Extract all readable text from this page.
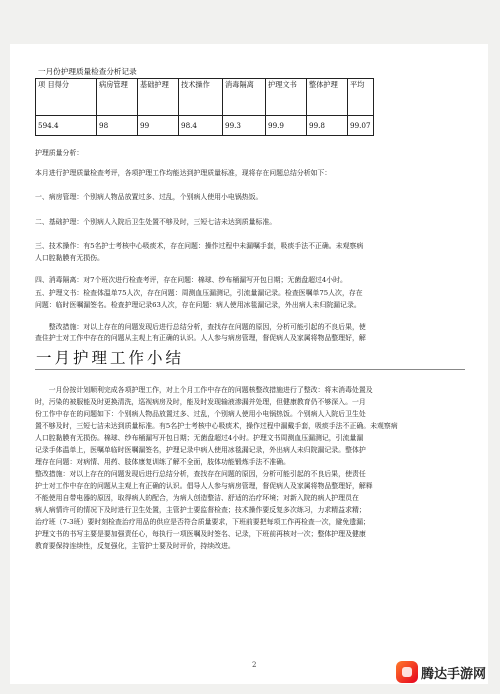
一月份护理质量检查分析记录
项 目得分	病房管理	基础护理	技术操作	消毒隔离	护理文书	整体护理	平均
594.4	98	99	98.4	99.3	99.9	99.8	99.07
护理质量分析：
本月进行护理质量检查考评，各项护理工作均能达到护理质量标准，现将存在问题总结分析如下：
一、病房管理：个别病人物品放置过多、过乱，个别病人使用小电锅热饭。
二、基础护理：个别病人入院后卫生处置不够及时，三短七洁未达到质量标准。
三、技术操作：有5名护士考核中心吸痰术，存在问题：操作过程中未漏嘱手套，吸痰手法不正确。未观察病
人口腔黏膜有无损伤。
四、消毒隔离：对7个班次进行检查考评，存在问题：棉球、纱布桶漏写开包日期；无菌盘超过4小时。
五、护理文书：检查体温单75人次，存在问题：周测血压漏测记，引流量漏记录。检查医嘱单75人次，存在
问题：临时医嘱漏签名。检查护理记录63人次，存在问题：病人使用冰毯漏记录，外出病人未归院漏记录。
　　整改措施：对以上存在的问题发现后进行总结分析，查找存在问题的原因，分析可能引起的不良后果，使
查住护士对工作中存在的问题从主观上有正确的认识。人人参与病房管理，督促病人及家属将物品整理好，解
一月护理工作小结
　　一月份按计划顺利完成各项护理工作，对上个月工作中存在的问题核整改措施进行了整改：将末消毒处置及
时，污染的被服能及时更换清洗，巡视病房及时，能及时发现输液渗漏并处理，但健康教育仍不够深入。一月
份工作中存在的问题如下：个别病人物品放置过多、过乱，个别病人使用小电锅热饭。个别病人入院后卫生处
置不够及时，三短七洁未达到质量标准。有5名护士考核中心吸痰术，操作过程中漏戴手套，吸痰手法不正确。未观察病
人口腔黏膜有无损伤。棉球、纱布桶漏写开包日期；无菌盘超过4小时。护理文书周测血压漏测记，引流量漏
记录手体温单上，医嘱单临时医嘱漏签名，护理记录中病人使用冰毯漏记录，外出病人未归院漏记录。整体护
理存在问题：对病情、用药、肢体康复训练了解不全面，肢体功能锻炼手法不准确。
整改措施：对以上存在的问题发现后进行总结分析，查找存在问题的原因，分析可能引起的不良后果，使责任
护士对工作中存在的问题从主观上有正确的认识。倡导人人参与病房管理，督促病人及家属将物品整理好，解释
不能使用自带电器的原因，取得病人的配合，为病人创造整洁、舒适的治疗环境；对新入院的病人护理员在
病人病情许可的情况下及时进行卫生处置，主管护士要监督检查；技术操作要反复多次练习，力求精益求精；
治疗班（7-3班）要时刻检查治疗用品的供应是否符合质量要求，下班前要把每项工作再检查一次，避免遗漏；
护理文书的书写主要是要加强责任心，每执行一项医嘱及时签名、记录，下班前再核对一次；整体护理及健康
教育要保持连续性，反复强化，主管护士要及时评价，持续改进。
2
腾达手游网
